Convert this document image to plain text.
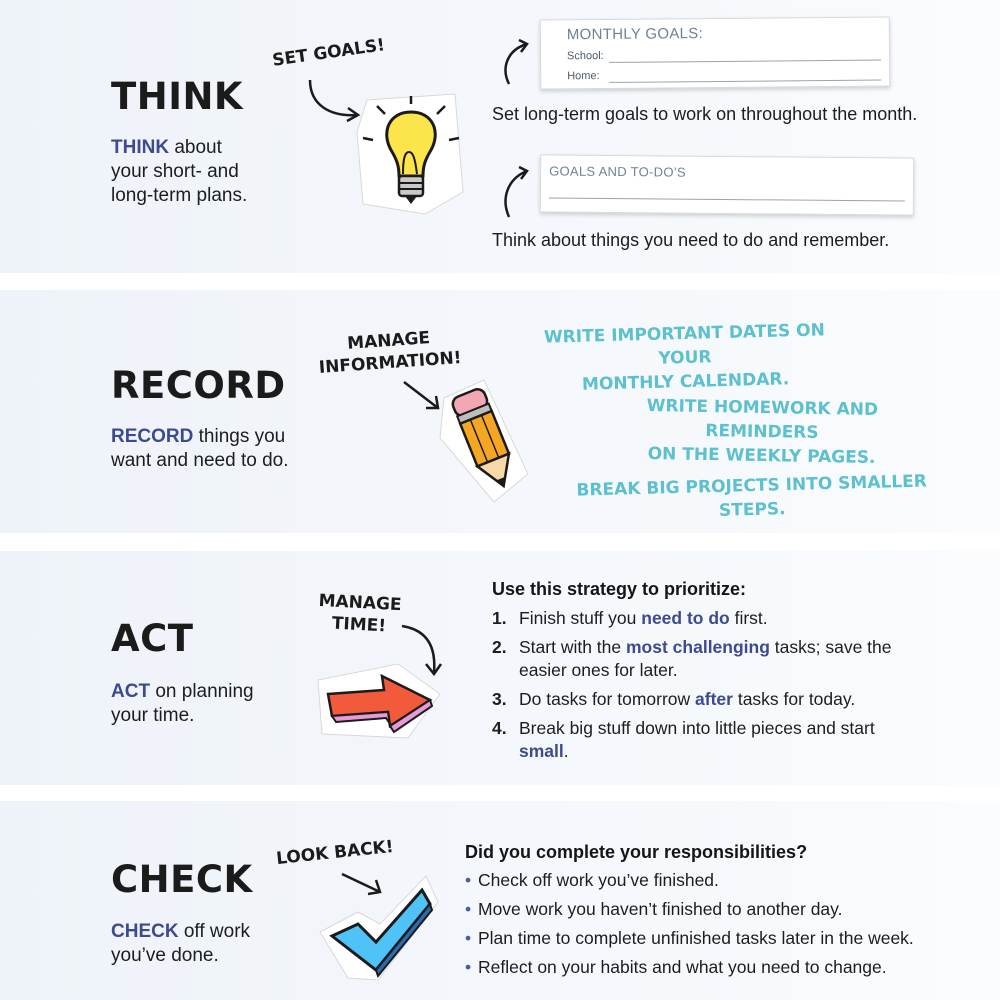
THINK

THINK about
your short- and
long-term plans.

SET GOALS!
MONTHLY GOALS:
School:
Home:

Set long-term goals to work on throughout the month.

GOALS AND TO-DO’S

Think about things you need to do and remember.

RECORD

RECORD things you
want and need to do.

MANAGE
INFORMATION!
WRITE IMPORTANT DATES ON YOUR
MONTHLY CALENDAR.
WRITE HOMEWORK AND REMINDERS
ON THE WEEKLY PAGES.
BREAK BIG PROJECTS INTO SMALLER STEPS.
ACT

ACT on planning
your time.

MANAGE
TIME!

Use this strategy to prioritize:

1. Finish stuff you need to do first.
2. Start with the most challenging tasks; save the easier ones for later.
3. Do tasks for tomorrow after tasks for today.
4. Break big stuff down into little pieces and start small.
CHECK

CHECK off work
you’ve done.

LOOK BACK!	Did you complete your responsibilities?

• Check off work you’ve finished.
• Move work you haven’t finished to another day.
• Plan time to complete unfinished tasks later in the week.
• Reflect on your habits and what you need to change.
